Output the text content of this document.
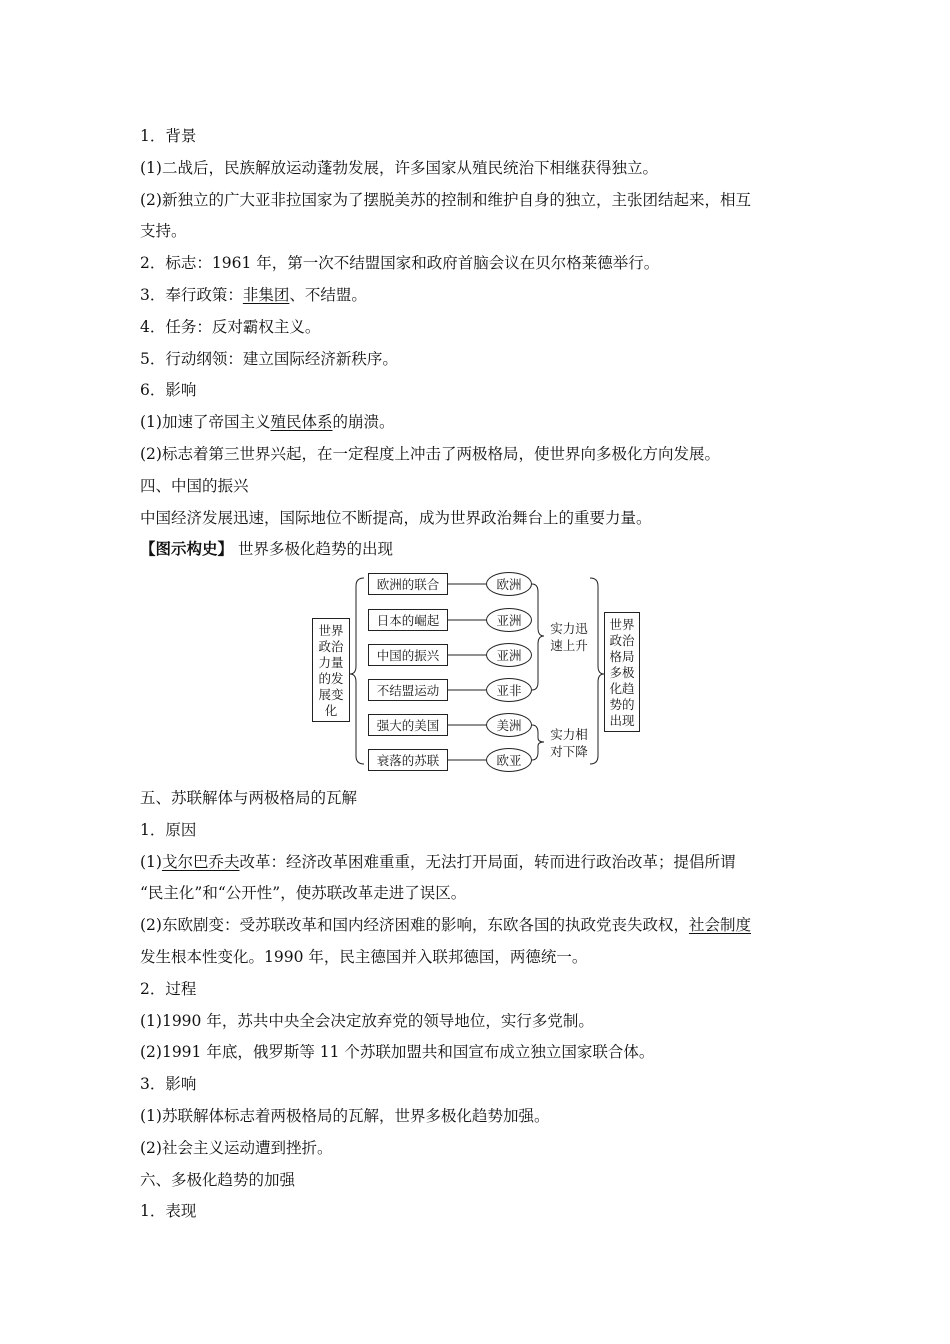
1．背景
(1)二战后，民族解放运动蓬勃发展，许多国家从殖民统治下相继获得独立。
(2)新独立的广大亚非拉国家为了摆脱美苏的控制和维护自身的独立，主张团结起来，相互
支持。
2．标志：1961 年，第一次不结盟国家和政府首脑会议在贝尔格莱德举行。
3．奉行政策：非集团、不结盟。
4．任务：反对霸权主义。
5．行动纲领：建立国际经济新秩序。
6．影响
(1)加速了帝国主义殖民体系的崩溃。
(2)标志着第三世界兴起，在一定程度上冲击了两极格局，使世界向多极化方向发展。
四、中国的振兴
中国经济发展迅速，国际地位不断提高，成为世界政治舞台上的重要力量。
【图示构史】 世界多极化趋势的出现
世界
政治
力量
的发
展变
化
欧洲的联合	欧洲
日本的崛起	亚洲
中国的振兴	亚洲
不结盟运动	亚非
强大的美国	美洲
衰落的苏联	欧亚
实力迅
速上升
实力相
对下降
世界
政治
格局
多极
化趋
势的
出现
五、苏联解体与两极格局的瓦解
1．原因
(1)戈尔巴乔夫改革：经济改革困难重重，无法打开局面，转而进行政治改革；提倡所谓
“民主化”和“公开性”，使苏联改革走进了误区。
(2)东欧剧变：受苏联改革和国内经济困难的影响，东欧各国的执政党丧失政权，社会制度
发生根本性变化。1990 年，民主德国并入联邦德国，两德统一。
2．过程
(1)1990 年，苏共中央全会决定放弃党的领导地位，实行多党制。
(2)1991 年底，俄罗斯等 11 个苏联加盟共和国宣布成立独立国家联合体。
3．影响
(1)苏联解体标志着两极格局的瓦解，世界多极化趋势加强。
(2)社会主义运动遭到挫折。
六、多极化趋势的加强
1．表现
